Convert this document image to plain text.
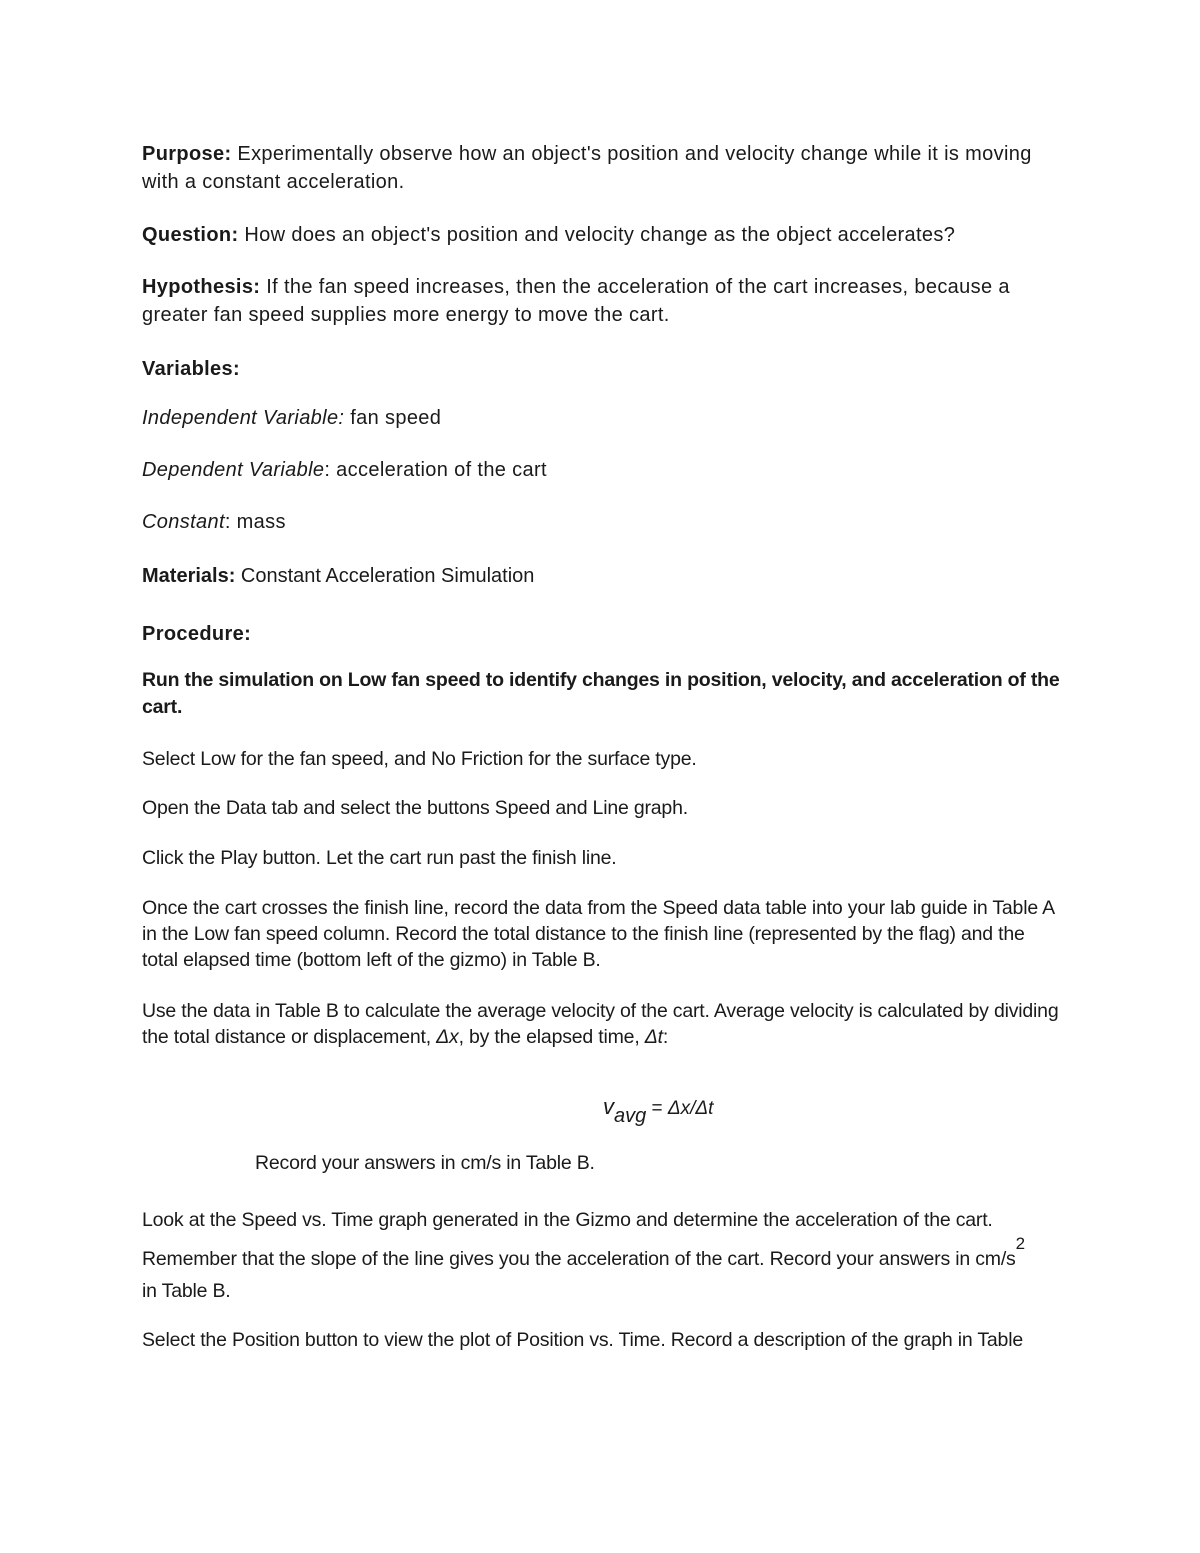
Purpose: Experimentally observe how an object's position and velocity change while it is moving with a constant acceleration.

Question: How does an object's position and velocity change as the object accelerates?

Hypothesis: If the fan speed increases, then the acceleration of the cart increases, because a greater fan speed supplies more energy to move the cart.

Variables:

Independent Variable: fan speed

Dependent Variable: acceleration of the cart

Constant: mass

Materials: Constant Acceleration Simulation

Procedure:

Run the simulation on Low fan speed to identify changes in position, velocity, and acceleration of the cart.

Select Low for the fan speed, and No Friction for the surface type.

Open the Data tab and select the buttons Speed and Line graph.

Click the Play button. Let the cart run past the finish line.

Once the cart crosses the finish line, record the data from the Speed data table into your lab guide in Table A in the Low fan speed column. Record the total distance to the finish line (represented by the flag) and the total elapsed time (bottom left of the gizmo) in Table B.

Use the data in Table B to calculate the average velocity of the cart. Average velocity is calculated by dividing the total distance or displacement, Δx, by the elapsed time, Δt:

vavg = Δx/Δt
Record your answers in cm/s in Table B.

Look at the Speed vs. Time graph generated in the Gizmo and determine the acceleration of the cart.

Remember that the slope of the line gives you the acceleration of the cart. Record your answers in cm/s2

in Table B.

Select the Position button to view the plot of Position vs. Time. Record a description of the graph in Table
